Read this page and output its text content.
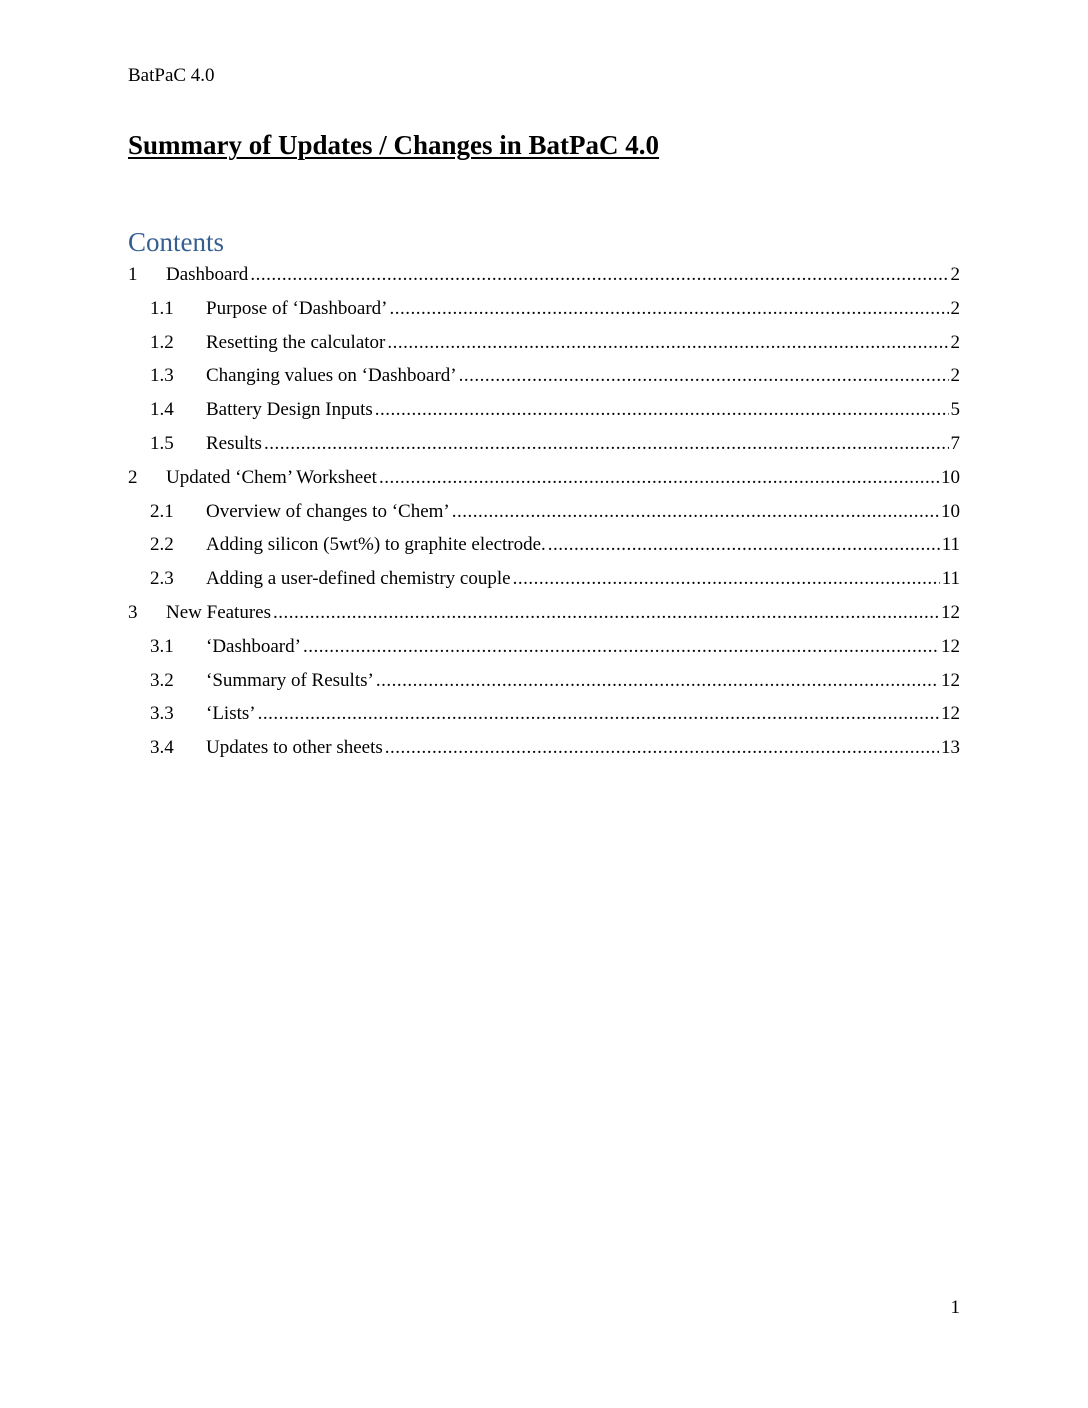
BatPaC 4.0
Summary of Updates / Changes in BatPaC 4.0
Contents
1	Dashboard .....	2
1.1	Purpose of ‘Dashboard’ .....	2
1.2	Resetting the calculator .....	2
1.3	Changing values on ‘Dashboard’ .....	2
1.4	Battery Design Inputs .....	5
1.5	Results .....	7
2	Updated ‘Chem’ Worksheet .....	10
2.1	Overview of changes to ‘Chem’ .....	10
2.2	Adding silicon (5wt%) to graphite electrode. .....	11
2.3	Adding a user-defined chemistry couple .....	11
3	New Features .....	12
3.1	‘Dashboard’ .....	12
3.2	‘Summary of Results’ .....	12
3.3	‘Lists’ .....	12
3.4	Updates to other sheets .....	13
1
